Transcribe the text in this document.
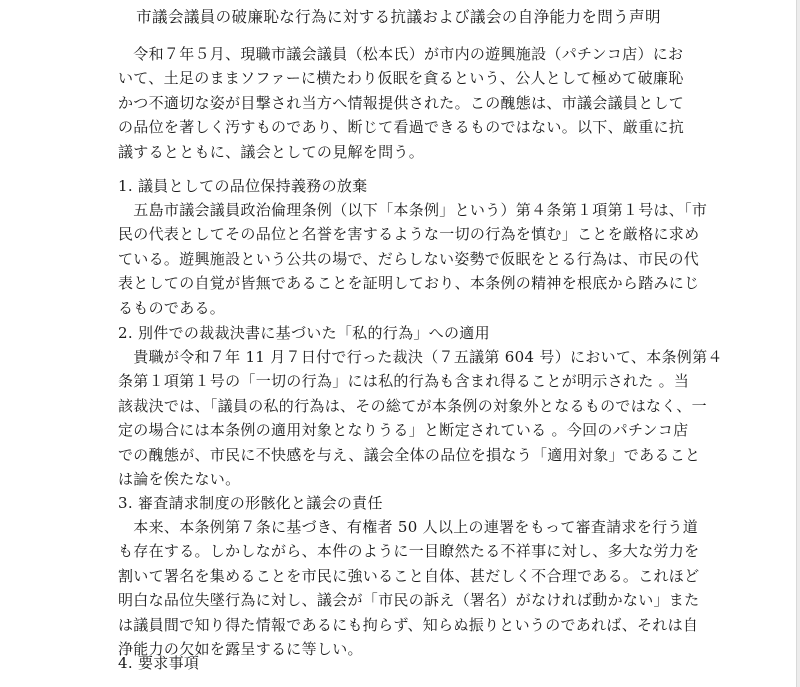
市議会議員の破廉恥な行為に対する抗議および議会の自浄能力を問う声明

　令和７年５月、現職市議会議員（松本氏）が市内の遊興施設（パチンコ店）にお

いて、土足のままソファーに横たわり仮眠を貪るという、公人として極めて破廉恥

かつ不適切な姿が目撃され当方へ情報提供された。この醜態は、市議会議員として

の品位を著しく汚すものであり、断じて看過できるものではない。以下、厳重に抗

議するとともに、議会としての見解を問う。

1. 議員としての品位保持義務の放棄

　五島市議会議員政治倫理条例（以下「本条例」という）第４条第１項第１号は、「市

民の代表としてその品位と名誉を害するような一切の行為を慎む」ことを厳格に求め

ている。遊興施設という公共の場で、だらしない姿勢で仮眠をとる行為は、市民の代

表としての自覚が皆無であることを証明しており、本条例の精神を根底から踏みにじ

るものである。

2. 別件での裁裁決書に基づいた「私的行為」への適用

　貴職が令和７年 11 月７日付で行った裁決（７五議第 604 号）において、本条例第４

条第１項第１号の「一切の行為」には私的行為も含まれ得ることが明示された 。当

該裁決では、「議員の私的行為は、その総てが本条例の対象外となるものではなく、一

定の場合には本条例の適用対象となりうる」と断定されている 。今回のパチンコ店

での醜態が、市民に不快感を与え、議会全体の品位を損なう「適用対象」であること

は論を俟たない。

3. 審査請求制度の形骸化と議会の責任

　本来、本条例第７条に基づき、有権者 50 人以上の連署をもって審査請求を行う道

も存在する。しかしながら、本件のように一目瞭然たる不祥事に対し、多大な労力を

割いて署名を集めることを市民に強いること自体、甚だしく不合理である。これほど

明白な品位失墜行為に対し、議会が「市民の訴え（署名）がなければ動かない」また

は議員間で知り得た情報であるにも拘らず、知らぬ振りというのであれば、それは自

浄能力の欠如を露呈するに等しい。

4. 要求事項
